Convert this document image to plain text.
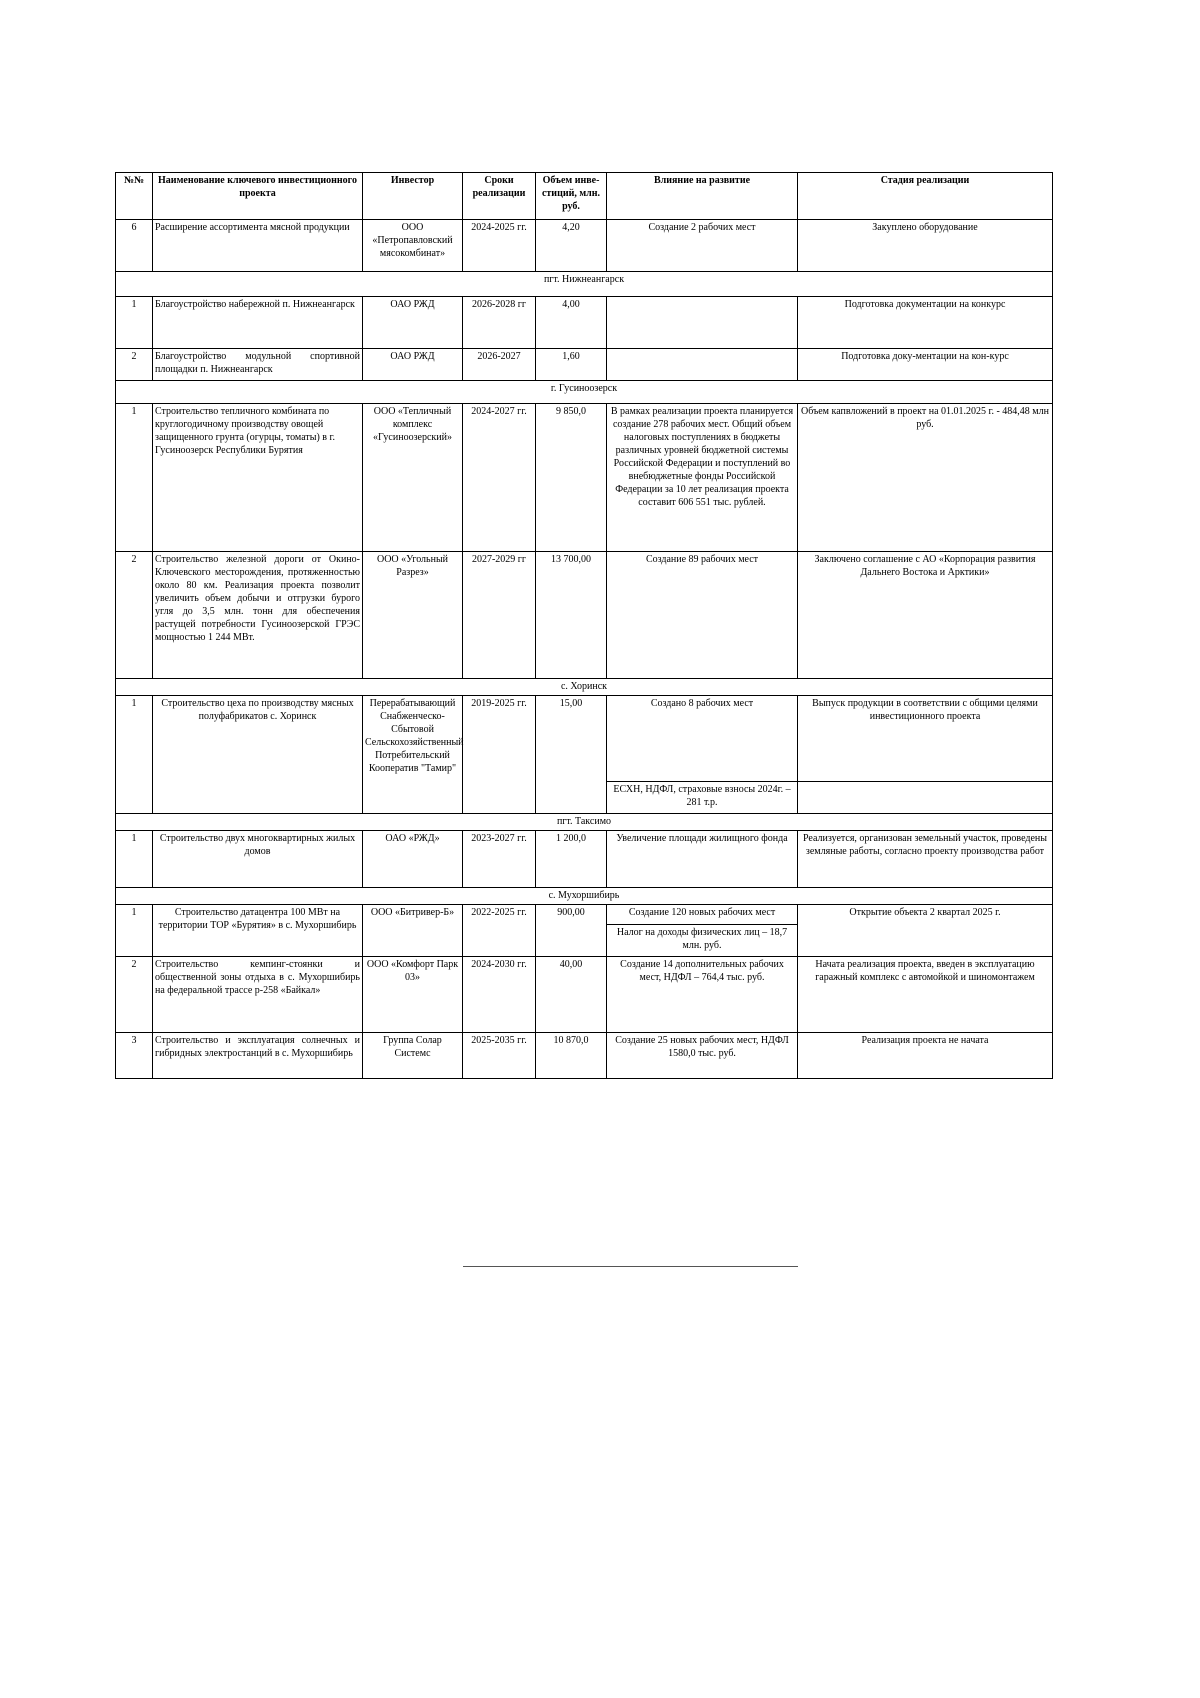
№№	Наименование ключевого инвестиционного проекта	Инвестор	Сроки реализации	Объем инве-стиций, млн. руб.	Влияние на развитие	Стадия реализации
6	Расширение ассортимента мясной продукции	ООО «Петропавловский мясокомбинат»	2024-2025 гг.	4,20	Создание 2 рабочих мест	Закуплено оборудование
пгт. Нижнеангарск						
1	Благоустройство набережной п. Нижнеангарск	ОАО РЖД	2026-2028 гг	4,00		Подготовка документации на конкурс
2	Благоустройство модульной спортивной площадки п. Нижнеангарск	ОАО РЖД	2026-2027	1,60		Подготовка доку-ментации на кон-курс
г. Гусиноозерск						
1	Строительство тепличного комбината по круглогодичному производству овощей защищенного грунта (огурцы, томаты) в г. Гусиноозерск Республики Бурятия	ООО «Тепличный комплекс «Гусиноозерский»	2024-2027 гг.	9 850,0	В рамках реализации проекта планируется создание 278 рабочих мест. Общий объем налоговых поступлениях в бюджеты различных уровней бюджетной системы Российской Федерации и поступлений во внебюджетные фонды Российской Федерации за 10 лет реализация проекта составит 606 551 тыс. рублей.	Объем капвложений в проект на 01.01.2025 г. - 484,48 млн руб.
2	Строительство железной дороги от Окино-Ключевского месторождения, протяженностью около 80 км. Реализация проекта позволит увеличить объем добычи и отгрузки бурого угля до 3,5 млн. тонн для обеспечения растущей потребности Гусиноозерской ГРЭС мощностью 1 244 МВт.	ООО «Угольный Разрез»	2027-2029 гг	13 700,00	Создание 89 рабочих мест	Заключено соглашение с АО «Корпорация развития Дальнего Востока и Арктики»
с. Хоринск						
1	Строительство цеха по производству мясных полуфабрикатов с. Хоринск	Перерабатывающий Снабженческо-Сбытовой Сельскохозяйственный Потребительский Кооператив "Тамир"	2019-2025 гг.	15,00	Создано 8 рабочих мест	Выпуск продукции в соответствии с общими целями инвестиционного проекта
					ЕСХН, НДФЛ, страховые взносы 2024г. – 281 т.р.	
пгт. Таксимо						
1	Строительство двух многоквартирных жилых домов	ОАО «РЖД»	2023-2027 гг.	1 200,0	Увеличение площади жилищного фонда	Реализуется, организован земельный участок, проведены земляные работы, согласно проекту производства работ
с. Мухоршибирь						
1	Строительство датацентра 100 МВт на территории ТОР «Бурятия» в с. Мухоршибирь	ООО «Битривер-Б»	2022-2025 гг.	900,00	Создание 120 новых рабочих мест	Открытие объекта 2 квартал 2025 г.
					Налог на доходы физических лиц – 18,7 млн. руб.	
2	Строительство кемпинг-стоянки и общественной зоны отдыха в с. Мухоршибирь на федеральной трассе р-258 «Байкал»	ООО «Комфорт Парк 03»	2024-2030 гг.	40,00	Создание 14 дополнительных рабочих мест, НДФЛ – 764,4 тыс. руб.	Начата реализация проекта, введен в эксплуатацию гаражный комплекс с автомойкой и шиномонтажем
3	Строительство и эксплуатация солнечных и гибридных электростанций в с. Мухоршибирь	Группа Солар Системс	2025-2035 гг.	10 870,0	Создание 25 новых рабочих мест, НДФЛ 1580,0 тыс. руб.	Реализация проекта не начата
